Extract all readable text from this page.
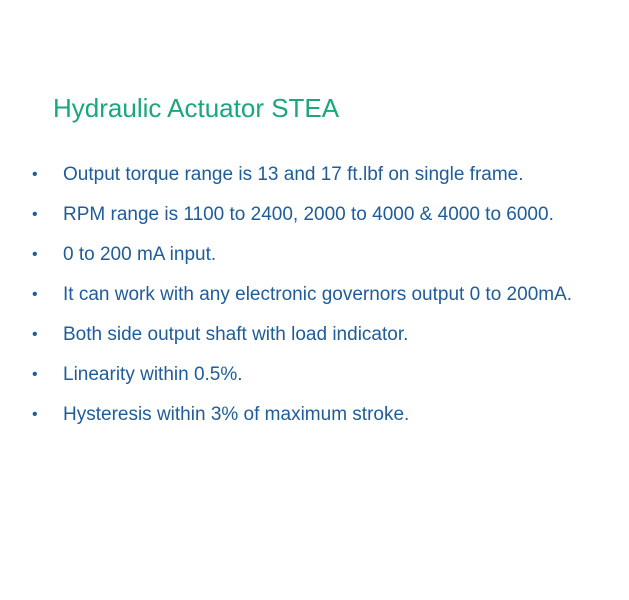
Hydraulic Actuator STEA
• Output torque range is 13 and 17 ft.lbf on single frame.
• RPM range is 1100 to 2400, 2000 to 4000 & 4000 to 6000.
• 0 to 200 mA input.
• It can work with any electronic governors output 0 to 200mA.
• Both side output shaft with load indicator.
• Linearity within 0.5%.
• Hysteresis within 3% of maximum stroke.
